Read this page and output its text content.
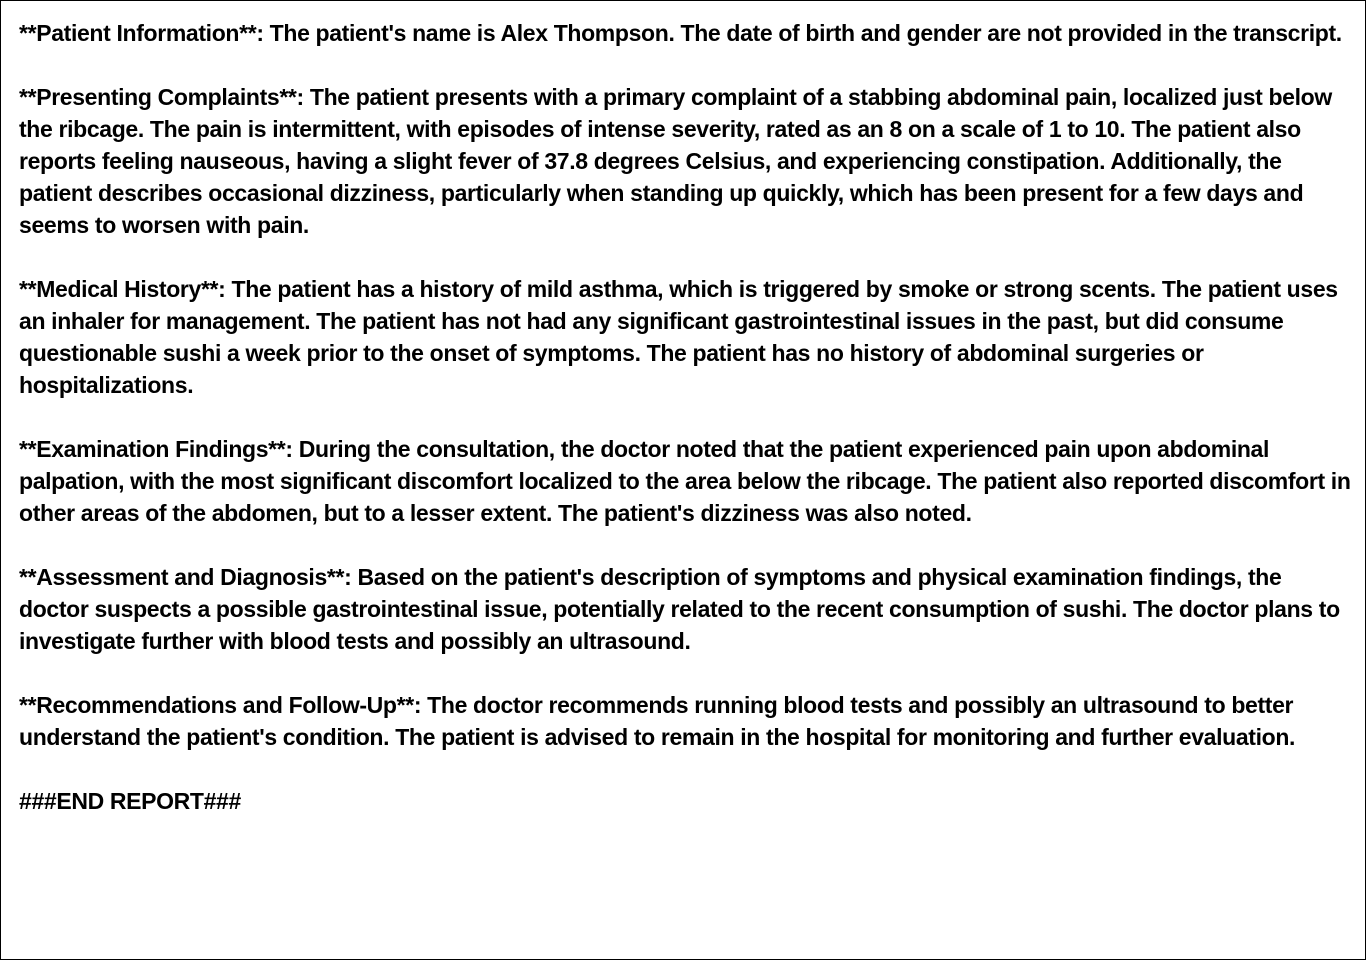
**Patient Information**: The patient's name is Alex Thompson. The date of birth and gender are not provided in the transcript.

**Presenting Complaints**: The patient presents with a primary complaint of a stabbing abdominal pain, localized just below the ribcage. The pain is intermittent, with episodes of intense severity, rated as an 8 on a scale of 1 to 10. The patient also reports feeling nauseous, having a slight fever of 37.8 degrees Celsius, and experiencing constipation. Additionally, the patient describes occasional dizziness, particularly when standing up quickly, which has been present for a few days and seems to worsen with pain.

**Medical History**: The patient has a history of mild asthma, which is triggered by smoke or strong scents. The patient uses an inhaler for management. The patient has not had any significant gastrointestinal issues in the past, but did consume questionable sushi a week prior to the onset of symptoms. The patient has no history of abdominal surgeries or hospitalizations.

**Examination Findings**: During the consultation, the doctor noted that the patient experienced pain upon abdominal palpation, with the most significant discomfort localized to the area below the ribcage. The patient also reported discomfort in other areas of the abdomen, but to a lesser extent. The patient's dizziness was also noted.

**Assessment and Diagnosis**: Based on the patient's description of symptoms and physical examination findings, the doctor suspects a possible gastrointestinal issue, potentially related to the recent consumption of sushi. The doctor plans to investigate further with blood tests and possibly an ultrasound.

**Recommendations and Follow-Up**: The doctor recommends running blood tests and possibly an ultrasound to better understand the patient's condition. The patient is advised to remain in the hospital for monitoring and further evaluation.

###END REPORT###
